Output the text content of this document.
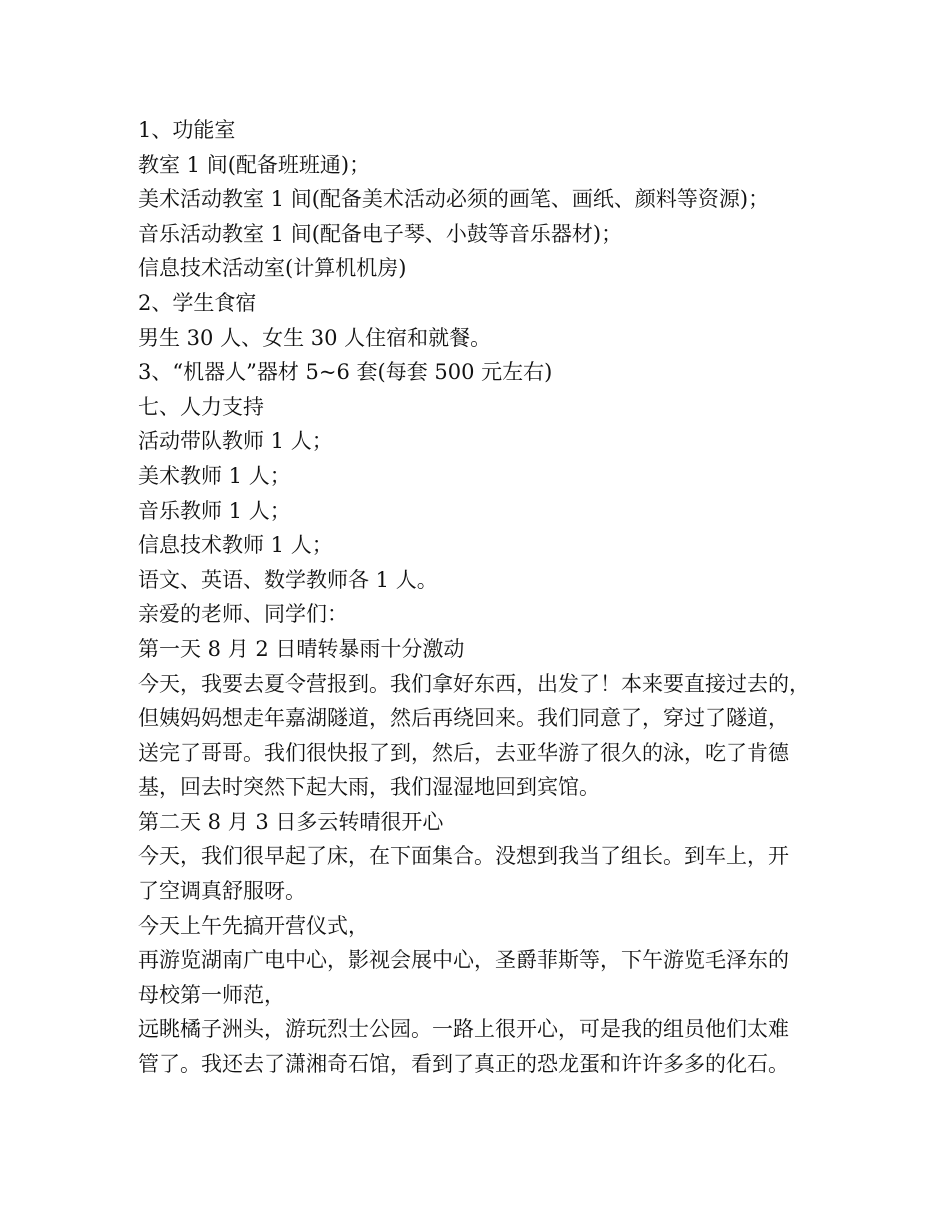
1、功能室
教室 1 间(配备班班通)；
美术活动教室 1 间(配备美术活动必须的画笔、画纸、颜料等资源)；
音乐活动教室 1 间(配备电子琴、小鼓等音乐器材)；
信息技术活动室(计算机机房)
2、学生食宿
男生 30 人、女生 30 人住宿和就餐。
3、“机器人”器材 5~6 套(每套 500 元左右)
七、人力支持
活动带队教师 1 人；
美术教师 1 人；
音乐教师 1 人；
信息技术教师 1 人；
语文、英语、数学教师各 1 人。
亲爱的老师、同学们：
第一天 8 月 2 日晴转暴雨十分激动
今天，我要去夏令营报到。我们拿好东西，出发了！本来要直接过去的，
但姨妈妈想走年嘉湖隧道，然后再绕回来。我们同意了，穿过了隧道，
送完了哥哥。我们很快报了到，然后，去亚华游了很久的泳，吃了肯德
基，回去时突然下起大雨，我们湿湿地回到宾馆。
第二天 8 月 3 日多云转晴很开心
今天，我们很早起了床，在下面集合。没想到我当了组长。到车上，开
了空调真舒服呀。
今天上午先搞开营仪式，
再游览湖南广电中心，影视会展中心，圣爵菲斯等，下午游览毛泽东的
母校第一师范，
远眺橘子洲头，游玩烈士公园。一路上很开心，可是我的组员他们太难
管了。我还去了潇湘奇石馆，看到了真正的恐龙蛋和许许多多的化石。
